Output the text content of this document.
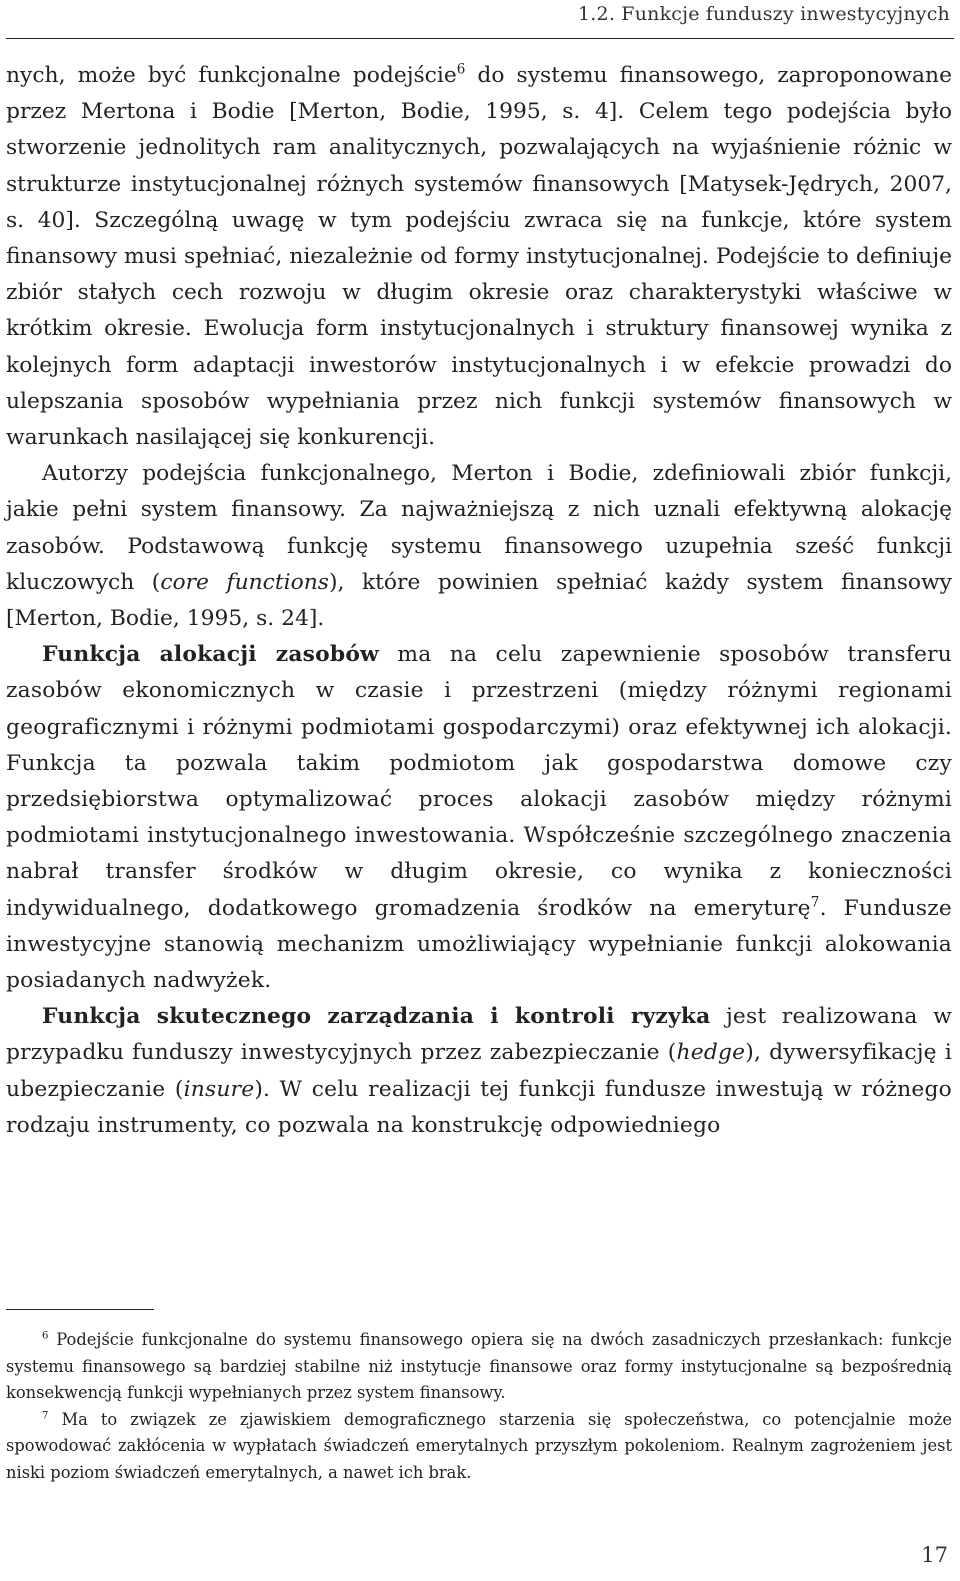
1.2. Funkcje funduszy inwestycyjnych

nych, może być funkcjonalne podejście$^6$ do systemu finansowego, zaproponowane przez Mertona i Bodie [Merton, Bodie, 1995, s. 4]. Celem tego podejścia było stworzenie jednolitych ram analitycznych, pozwalających na wyjaśnienie różnic w strukturze instytucjonalnej różnych systemów finansowych [Matysek-Jędrych, 2007, s. 40]. Szczególną uwagę w tym podejściu zwraca się na funkcje, które system finansowy musi spełniać, niezależnie od formy instytucjonalnej. Podejście to definiuje zbiór stałych cech rozwoju w długim okresie oraz charakterystyki właściwe w krótkim okresie. Ewolucja form instytucjonalnych i struktury finansowej wynika z kolejnych form adaptacji inwestorów instytucjonalnych i w efekcie prowadzi do ulepszania sposobów wypełniania przez nich funkcji systemów finansowych w warunkach nasilającej się konkurencji.

Autorzy podejścia funkcjonalnego, Merton i Bodie, zdefiniowali zbiór funkcji, jakie pełni system finansowy. Za najważniejszą z nich uznali efektywną alokację zasobów. Podstawową funkcję systemu finansowego uzupełnia sześć funkcji kluczowych (core functions), które powinien spełniać każdy system finansowy [Merton, Bodie, 1995, s. 24].

Funkcja alokacji zasobów ma na celu zapewnienie sposobów transferu zasobów ekonomicznych w czasie i przestrzeni (między różnymi regionami geograficznymi i różnymi podmiotami gospodarczymi) oraz efektywnej ich alokacji. Funkcja ta pozwala takim podmiotom jak gospodarstwa domowe czy przedsiębiorstwa optymalizować proces alokacji zasobów między różnymi podmiotami instytucjonalnego inwestowania. Współcześnie szczególnego znaczenia nabrał transfer środków w długim okresie, co wynika z konieczności indywidualnego, dodatkowego gromadzenia środków na emeryturę$^7$. Fundusze inwestycyjne stanowią mechanizm umożliwiający wypełnianie funkcji alokowania posiadanych nadwyżek.

Funkcja skutecznego zarządzania i kontroli ryzyka jest realizowana w przypadku funduszy inwestycyjnych przez zabezpieczanie (hedge), dywersyfikację i ubezpieczanie (insure). W celu realizacji tej funkcji fundusze inwestują w różnego rodzaju instrumenty, co pozwala na konstrukcję odpowiedniego

$^6$ Podejście funkcjonalne do systemu finansowego opiera się na dwóch zasadniczych przesłankach: funkcje systemu finansowego są bardziej stabilne niż instytucje finansowe oraz formy instytucjonalne są bezpośrednią konsekwencją funkcji wypełnianych przez system finansowy.

$^7$ Ma to związek ze zjawiskiem demograficznego starzenia się społeczeństwa, co potencjalnie może spowodować zakłócenia w wypłatach świadczeń emerytalnych przyszłym pokoleniom. Realnym zagrożeniem jest niski poziom świadczeń emerytalnych, a nawet ich brak.

17
